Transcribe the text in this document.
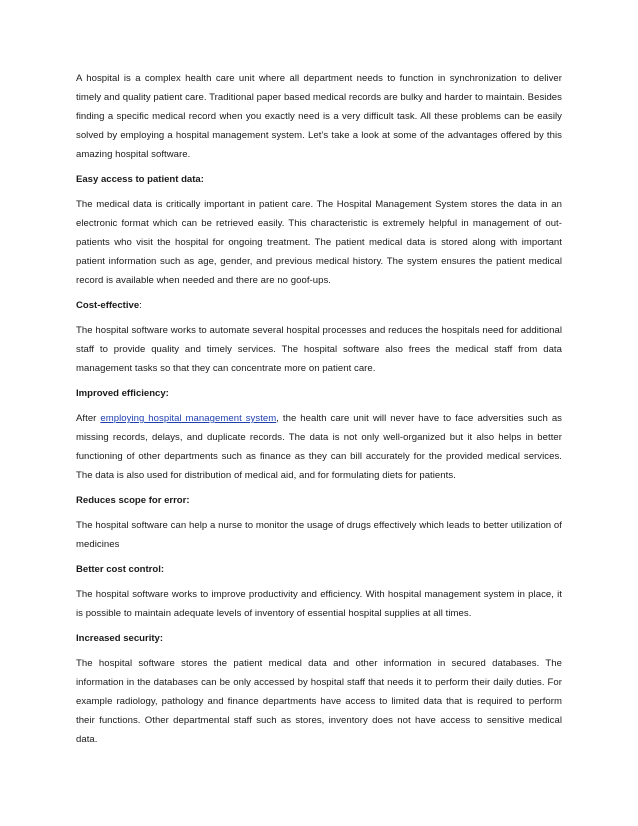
A hospital is a complex health care unit where all department needs to function in synchronization to deliver timely and quality patient care. Traditional paper based medical records are bulky and harder to maintain. Besides finding a specific medical record when you exactly need is a very difficult task. All these problems can be easily solved by employing a hospital management system. Let’s take a look at some of the advantages offered by this amazing hospital software.

Easy access to patient data:

The medical data is critically important in patient care. The Hospital Management System stores the data in an electronic format which can be retrieved easily. This characteristic is extremely helpful in management of out-patients who visit the hospital for ongoing treatment. The patient medical data is stored along with important patient information such as age, gender, and previous medical history. The system ensures the patient medical record is available when needed and there are no goof-ups.

Cost-effective:

The hospital software works to automate several hospital processes and reduces the hospitals need for additional staff to provide quality and timely services. The hospital software also frees the medical staff from data management tasks so that they can concentrate more on patient care.

Improved efficiency:

After employing hospital management system, the health care unit will never have to face adversities such as missing records, delays, and duplicate records. The data is not only well-organized but it also helps in better functioning of other departments such as finance as they can bill accurately for the provided medical services. The data is also used for distribution of medical aid, and for formulating diets for patients.

Reduces scope for error:

The hospital software can help a nurse to monitor the usage of drugs effectively which leads to better utilization of medicines

Better cost control:

The hospital software works to improve productivity and efficiency. With hospital management system in place, it is possible to maintain adequate levels of inventory of essential hospital supplies at all times.

Increased security:

The hospital software stores the patient medical data and other information in secured databases. The information in the databases can be only accessed by hospital staff that needs it to perform their daily duties. For example radiology, pathology and finance departments have access to limited data that is required to perform their functions. Other departmental staff such as stores, inventory does not have access to sensitive medical data.
